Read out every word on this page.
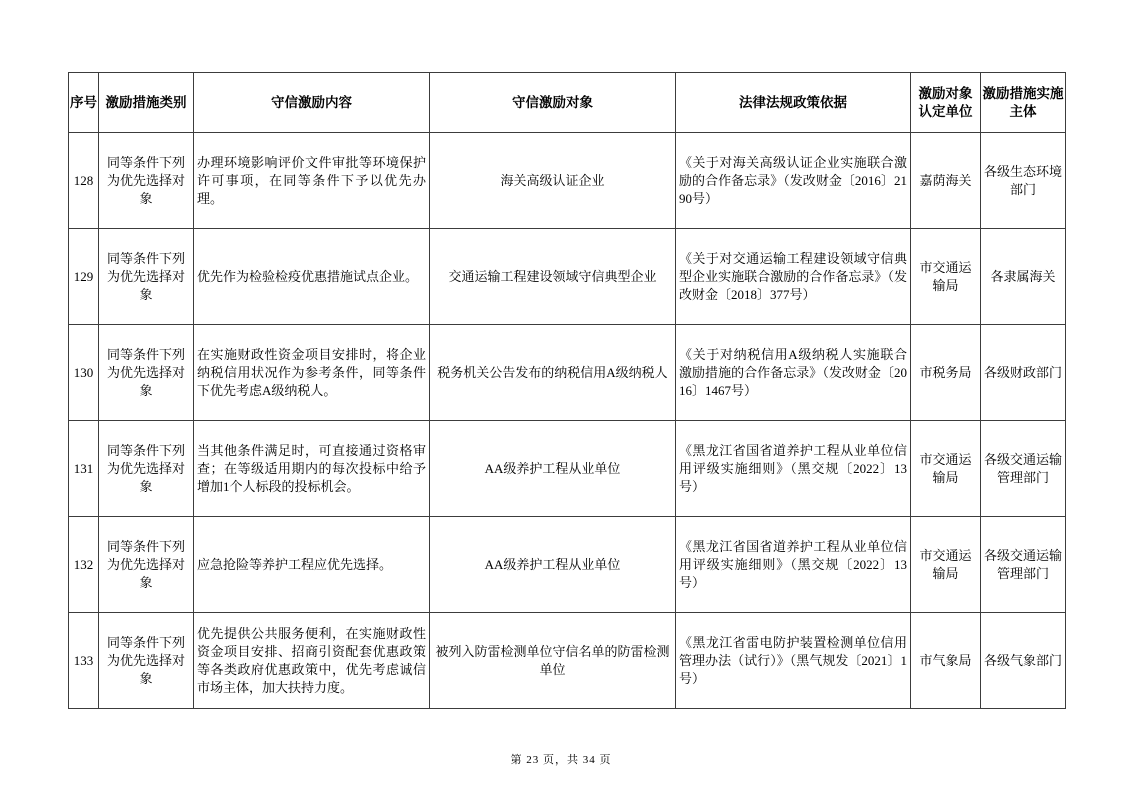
序号	激励措施类别	守信激励内容	守信激励对象	法律法规政策依据	激励对象认定单位	激励措施实施主体
128	同等条件下列为优先选择对象	办理环境影响评价文件审批等环境保护许可事项，在同等条件下予以优先办理。	海关高级认证企业	《关于对海关高级认证企业实施联合激励的合作备忘录》（发改财金〔2016〕2190号）	嘉荫海关	各级生态环境部门
129	同等条件下列为优先选择对象	优先作为检验检疫优惠措施试点企业。	交通运输工程建设领域守信典型企业	《关于对交通运输工程建设领域守信典型企业实施联合激励的合作备忘录》（发改财金〔2018〕377号）	市交通运输局	各隶属海关
130	同等条件下列为优先选择对象	在实施财政性资金项目安排时，将企业纳税信用状况作为参考条件，同等条件下优先考虑A级纳税人。	税务机关公告发布的纳税信用A级纳税人	《关于对纳税信用A级纳税人实施联合激励措施的合作备忘录》（发改财金〔2016〕1467号）	市税务局	各级财政部门
131	同等条件下列为优先选择对象	当其他条件满足时，可直接通过资格审查；在等级适用期内的每次投标中给予增加1个人标段的投标机会。	AA级养护工程从业单位	《黑龙江省国省道养护工程从业单位信用评级实施细则》（黑交规〔2022〕13号）	市交通运输局	各级交通运输管理部门
132	同等条件下列为优先选择对象	应急抢险等养护工程应优先选择。	AA级养护工程从业单位	《黑龙江省国省道养护工程从业单位信用评级实施细则》（黑交规〔2022〕13号）	市交通运输局	各级交通运输管理部门
133	同等条件下列为优先选择对象	优先提供公共服务便利，在实施财政性资金项目安排、招商引资配套优惠政策等各类政府优惠政策中，优先考虑诚信市场主体，加大扶持力度。	被列入防雷检测单位守信名单的防雷检测单位	《黑龙江省雷电防护装置检测单位信用管理办法（试行）》（黑气规发〔2021〕1号）	市气象局	各级气象部门
第 23 页，共 34 页
